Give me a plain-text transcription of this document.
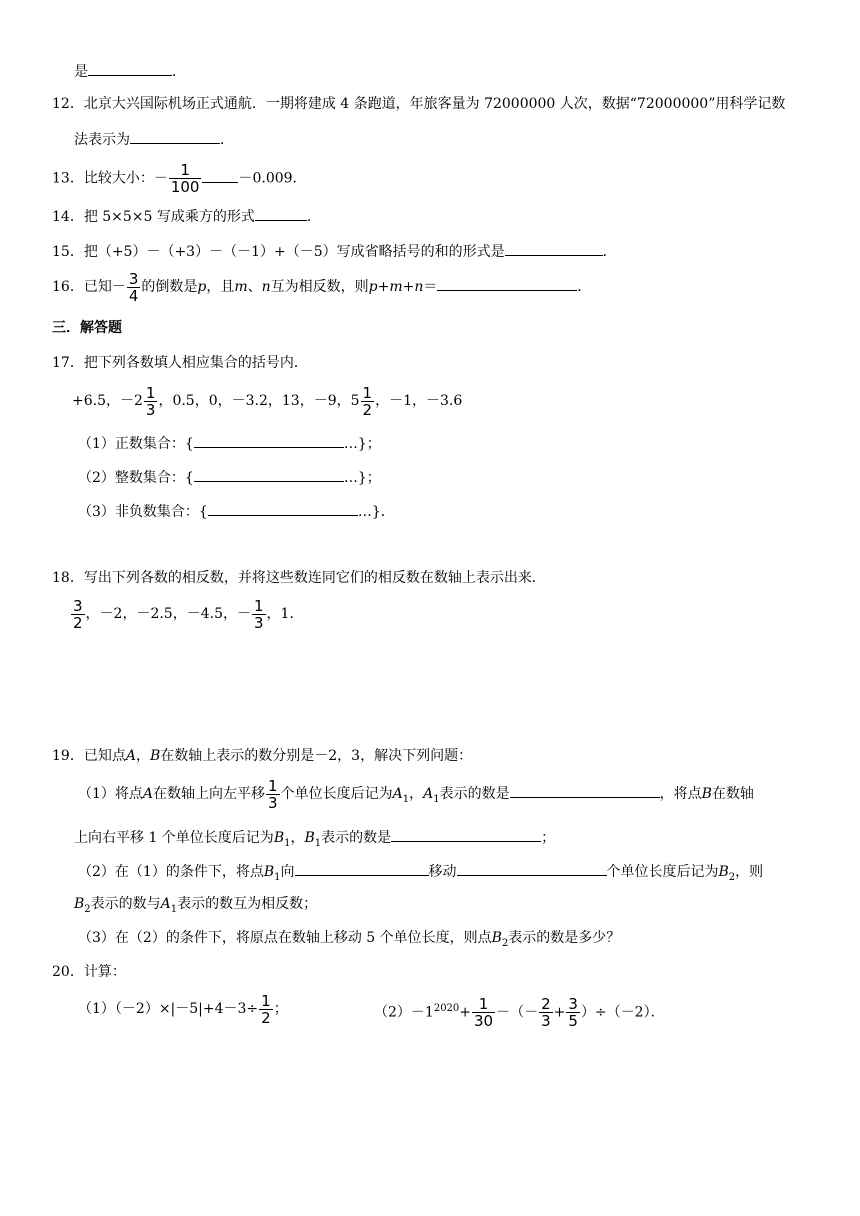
是	．
12．北京大兴国际机场正式通航．一期将建成 4 条跑道，年旅客量为 72000000 人次，数据“72000000”用科学记数
法表示为	．
13．比较大小：－ $\frac{1}{100}$	－0.009．
14．把 5×5×5 写成乘方的形式	．
15．把（+5）－（+3）－（－1）+（－5）写成省略括号的和的形式是	．
16．已知－ $\frac{3}{4}$ 的倒数是p，且m、n互为相反数，则p+m+n＝	．
三．解答题
17．把下列各数填人相应集合的括号内．
+6.5，$-2 \frac{1}{3}$ ，0.5，0，－3.2，13，－9，$5 \frac{1}{2}$ ，－1，－3.6
（1）正数集合：{	…}；
（2）整数集合：{	…}；
（3）非负数集合：{	…}．
18．写出下列各数的相反数，并将这些数连同它们的相反数在数轴上表示出来．
$\frac{3}{2}$ ，－2，－2.5，－4.5，－ $\frac{1}{3}$ ，1．
19．已知点A，B在数轴上表示的数分别是－2，3，解决下列问题：
（1）将点A在数轴上向左平移 $\frac{1}{3}$ 个单位长度后记为$A_1$，$A_1$表示的数是	，将点B在数轴
上向右平移 1 个单位长度后记为$B_1$，$B_1$表示的数是	；
（2）在（1）的条件下，将点$B_1$向	移动	个单位长度后记为$B_2$，则
$B_2$表示的数与$A_1$表示的数互为相反数；
（3）在（2）的条件下，将原点在数轴上移动 5 个单位长度，则点$B_2$表示的数是多少？
20．计算：
$(1)(-2)\times|-5|+4-3\div \frac{1}{2}$ ；	$(2)-1^{2020}+ \frac{1}{30}$ －（－ $\frac{2}{3} + \frac{3}{5} )\div(-2)$．
